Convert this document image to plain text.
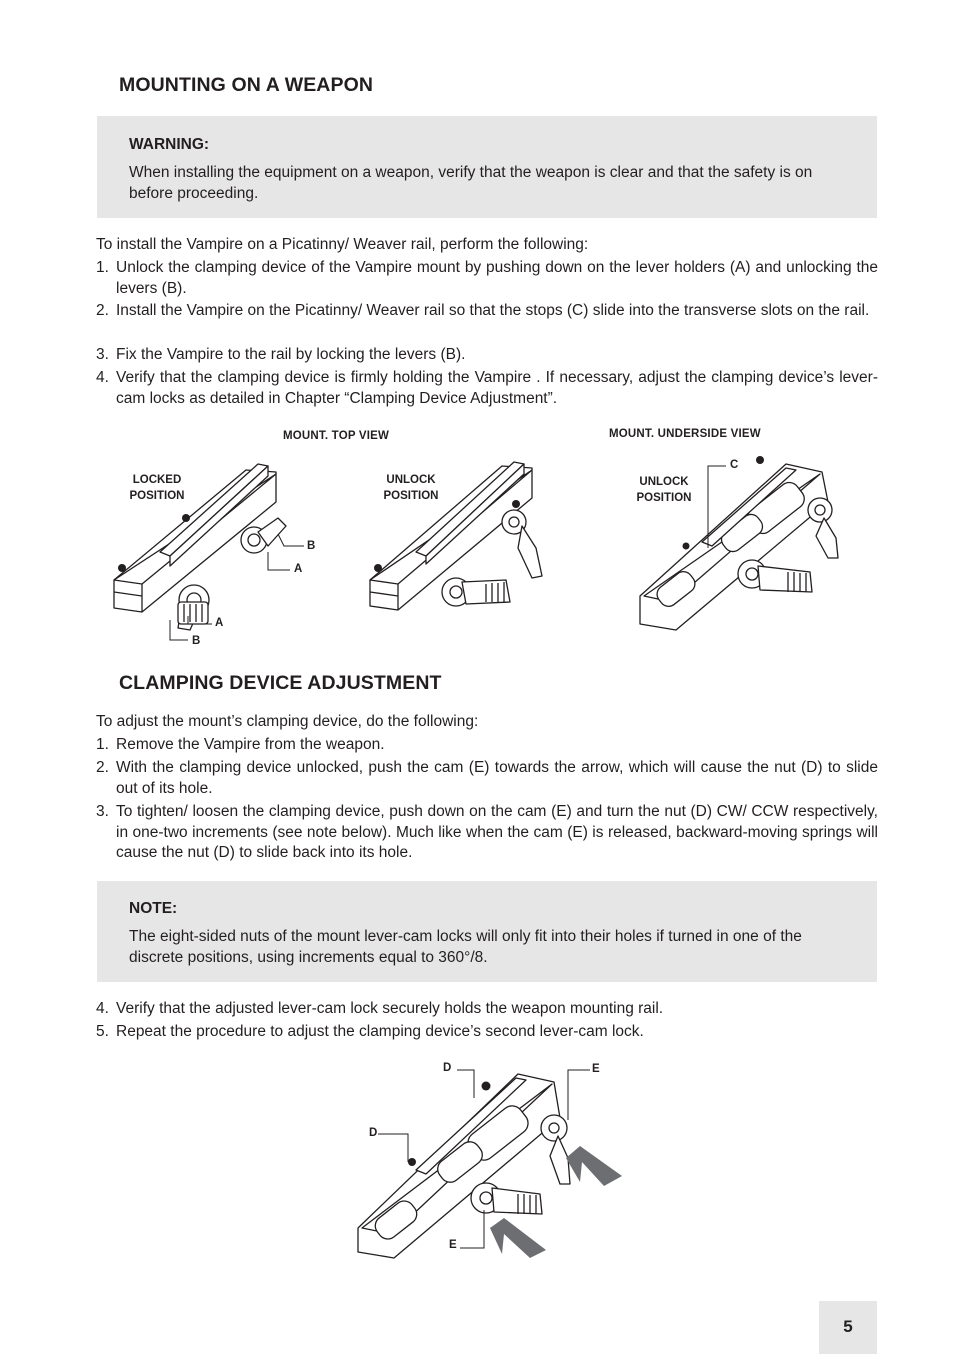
MOUNTING ON A WEAPON
WARNING:
When installing the equipment on a weapon, verify that the weapon is clear and that the safety is on before proceeding.
To install the Vampire on a Picatinny/ Weaver rail, perform the following:
1. Unlock the clamping device of the Vampire mount by pushing down on the lever holders (A) and unlocking the levers (B).
2. Install the Vampire on the Picatinny/ Weaver rail so that the stops (C) slide into the transverse slots on the rail.
3. Fix the Vampire to the rail by locking the levers (B).
4. Verify that the clamping device is firmly holding the Vampire . If necessary, adjust the clamping device’s lever-cam locks as detailed in Chapter “Clamping Device Adjustment”.
MOUNT. TOP VIEW	MOUNT. UNDERSIDE VIEW
LOCKED POSITION
UNLOCK POSITION
UNLOCK POSITION
B
A
A
B
C
CLAMPING DEVICE ADJUSTMENT
To adjust the mount’s clamping device, do the following:
1. Remove the Vampire from the weapon.
2. With the clamping device unlocked, push the cam (E) towards the arrow, which will cause the nut (D) to slide out of its hole.
3. To tighten/ loosen the clamping device, push down on the cam (E) and turn the nut (D) CW/ CCW respectively, in one-two increments (see note below). Much like when the cam (E) is released, backward-moving springs will cause the nut (D) to slide back into its hole.
NOTE:
The eight-sided nuts of the mount lever-cam locks will only fit into their holes if turned in one of the discrete positions, using increments equal to 360°/8.
4. Verify that the adjusted lever-cam lock securely holds the weapon mounting rail.
5. Repeat the procedure to adjust the clamping device’s second lever-cam lock.
D
D
E
E
5
